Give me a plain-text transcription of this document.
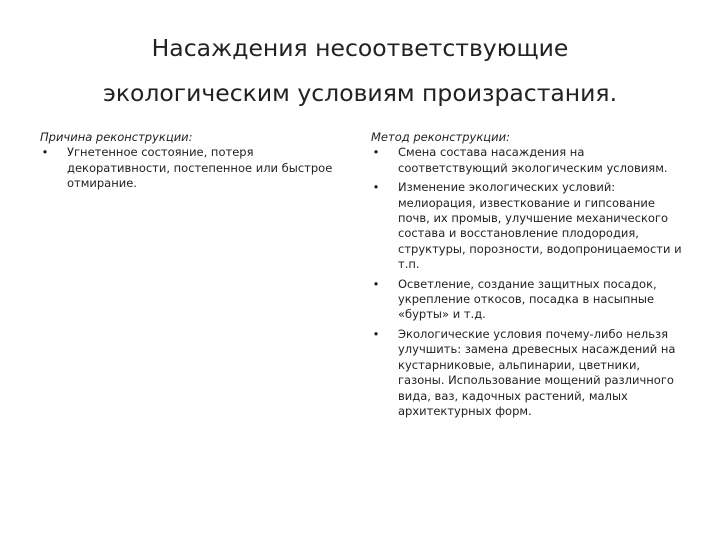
Насаждения несоответствующие
экологическим условиям произрастания.

Причина реконструкции:

• Угнетенное состояние, потеря декоративности, постепенное или быстрое отмирание.

Метод реконструкции:

• Смена состава насаждения на соответствующий экологическим условиям.
• Изменение экологических условий: мелиорация, известкование и гипсование почв, их промыв, улучшение механического состава и восстановление плодородия, структуры, порозности, водопроницаемости и т.п.
• Осветление, создание защитных посадок, укрепление откосов, посадка в насыпные «бурты» и т.д.
• Экологические условия почему-либо нельзя улучшить: замена древесных насаждений на кустарниковые, альпинарии, цветники, газоны. Использование мощений различного вида, ваз, кадочных растений, малых архитектурных форм.
